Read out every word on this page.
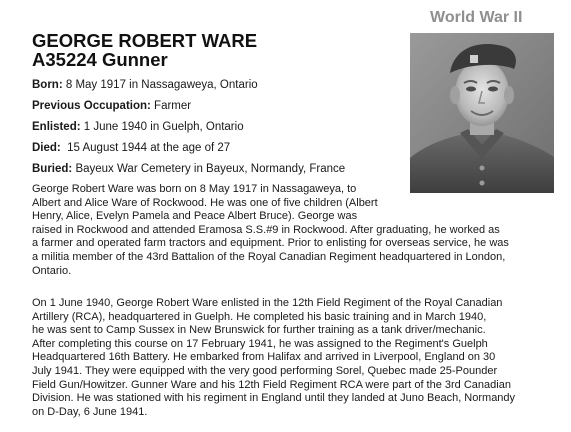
World War II
GEORGE ROBERT WARE
A35224 Gunner
Born: 8 May 1917 in Nassagaweya, Ontario
Previous Occupation: Farmer
Enlisted: 1 June 1940 in Guelph, Ontario
Died:  15 August 1944 at the age of 27
Buried: Bayeux War Cemetery in Bayeux, Normandy, France
George Robert Ware was born on 8 May 1917 in Nassagaweya, to
Albert and Alice Ware of Rockwood. He was one of five children (Albert
Henry, Alice, Evelyn Pamela and Peace Albert Bruce). George was
raised in Rockwood and attended Eramosa S.S.#9 in Rockwood. After graduating, he worked as
a farmer and operated farm tractors and equipment. Prior to enlisting for overseas service, he was
a militia member of the 43rd Battalion of the Royal Canadian Regiment headquartered in London,
Ontario.
On 1 June 1940, George Robert Ware enlisted in the 12th Field Regiment of the Royal Canadian
Artillery (RCA), headquartered in Guelph. He completed his basic training and in March 1940,
he was sent to Camp Sussex in New Brunswick for further training as a tank driver/mechanic.
After completing this course on 17 February 1941, he was assigned to the Regiment's Guelph
Headquartered 16th Battery. He embarked from Halifax and arrived in Liverpool, England on 30
July 1941. They were equipped with the very good performing Sorel, Quebec made 25-Pounder
Field Gun/Howitzer. Gunner Ware and his 12th Field Regiment RCA were part of the 3rd Canadian
Division. He was stationed with his regiment in England until they landed at Juno Beach, Normandy
on D-Day, 6 June 1941.
